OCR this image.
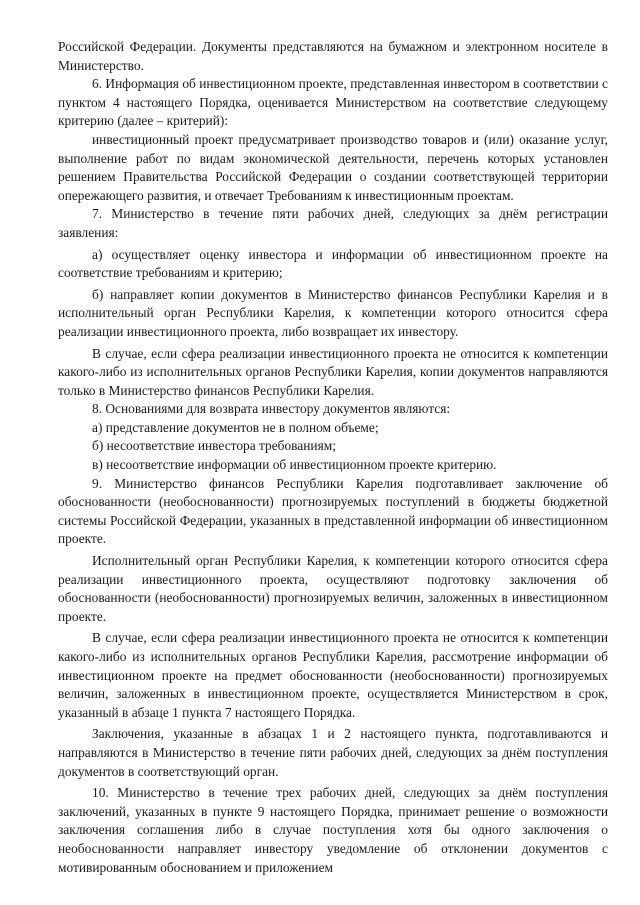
Российской Федерации. Документы представляются на бумажном и электронном носителе в Министерство.

6. Информация об инвестиционном проекте, представленная инвестором в соответствии с пунктом 4 настоящего Порядка, оценивается Министерством на соответствие следующему критерию (далее – критерий):

инвестиционный проект предусматривает производство товаров и (или) оказание услуг, выполнение работ по видам экономической деятельности, перечень которых установлен решением Правительства Российской Федерации о создании соответствующей территории опережающего развития, и отвечает Требованиям к инвестиционным проектам.

7. Министерство в течение пяти рабочих дней, следующих за днём регистрации заявления:

а) осуществляет оценку инвестора и информации об инвестиционном проекте на соответствие требованиям и критерию;

б) направляет копии документов в Министерство финансов Республики Карелия и в исполнительный орган Республики Карелия, к компетенции которого относится сфера реализации инвестиционного проекта, либо возвращает их инвестору.

В случае, если сфера реализации инвестиционного проекта не относится к компетенции какого-либо из исполнительных органов Республики Карелия, копии документов направляются только в Министерство финансов Республики Карелия.

8. Основаниями для возврата инвестору документов являются:

а) представление документов не в полном объеме;

б) несоответствие инвестора требованиям;

в) несоответствие информации об инвестиционном проекте критерию.

9. Министерство финансов Республики Карелия подготавливает заключение об обоснованности (необоснованности) прогнозируемых поступлений в бюджеты бюджетной системы Российской Федерации, указанных в представленной информации об инвестиционном проекте.

Исполнительный орган Республики Карелия, к компетенции которого относится сфера реализации инвестиционного проекта, осуществляют подготовку заключения об обоснованности (необоснованности) прогнозируемых величин, заложенных в инвестиционном проекте.

В случае, если сфера реализации инвестиционного проекта не относится к компетенции какого-либо из исполнительных органов Республики Карелия, рассмотрение информации об инвестиционном проекте на предмет обоснованности (необоснованности) прогнозируемых величин, заложенных в инвестиционном проекте, осуществляется Министерством в срок, указанный в абзаце 1 пункта 7 настоящего Порядка.

Заключения, указанные в абзацах 1 и 2 настоящего пункта, подготавливаются и направляются в Министерство в течение пяти рабочих дней, следующих за днём поступления документов в соответствующий орган.

10. Министерство в течение трех рабочих дней, следующих за днём поступления заключений, указанных в пункте 9 настоящего Порядка, принимает решение о возможности заключения соглашения либо в случае поступления хотя бы одного заключения о необоснованности направляет инвестору уведомление об отклонении документов с мотивированным обоснованием и приложением
